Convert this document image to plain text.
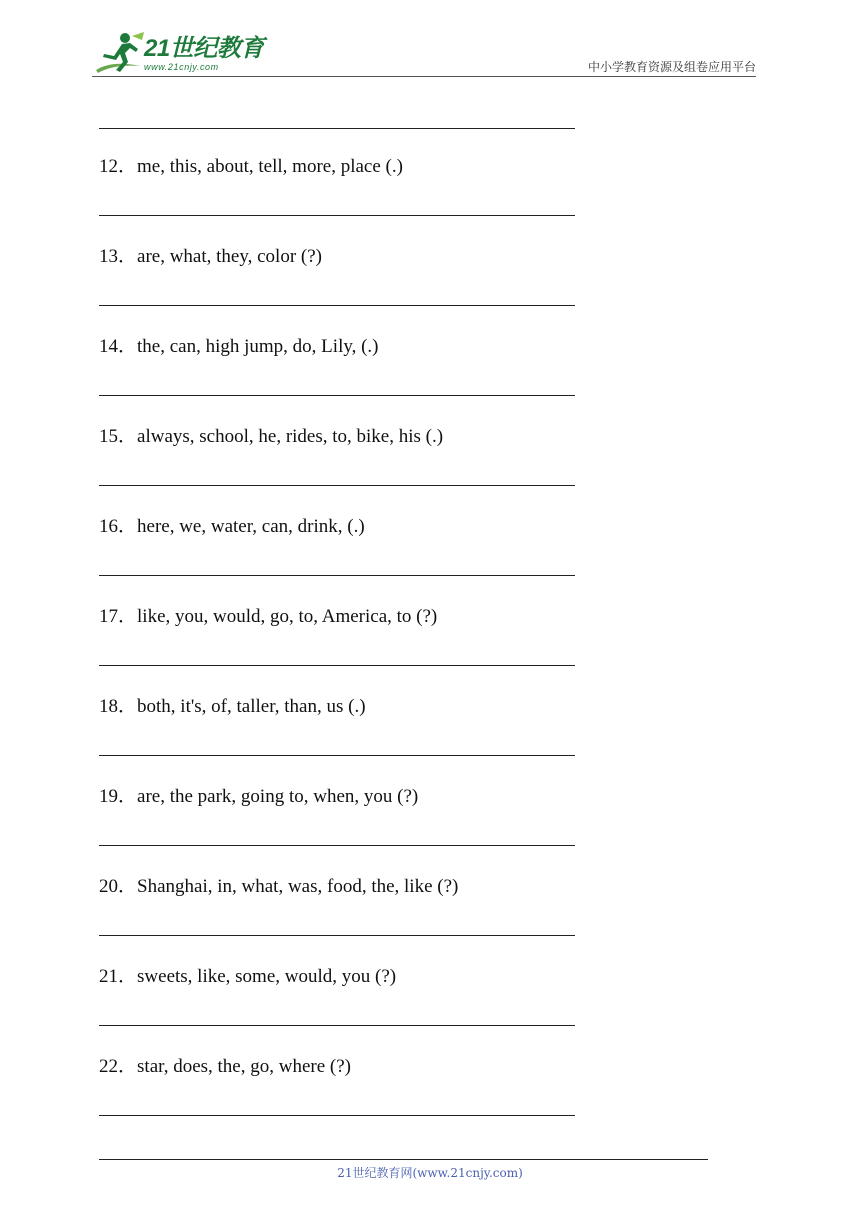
21世纪教育
www.21cnjy.com	中小学教育资源及组卷应用平台
12．me, this, about, tell, more, place (.)
13．are, what, they, color (?)
14．the, can, high jump, do, Lily, (.)
15．always, school, he, rides, to, bike, his (.)
16．here, we, water, can, drink, (.)
17．like, you, would, go, to, America, to (?)
18．both, it's, of, taller, than, us (.)
19．are, the park, going to, when, you (?)
20．Shanghai, in, what, was, food, the, like (?)
21．sweets, like, some, would, you (?)
22．star, does, the, go, where (?)
21世纪教育网(www.21cnjy.com)
